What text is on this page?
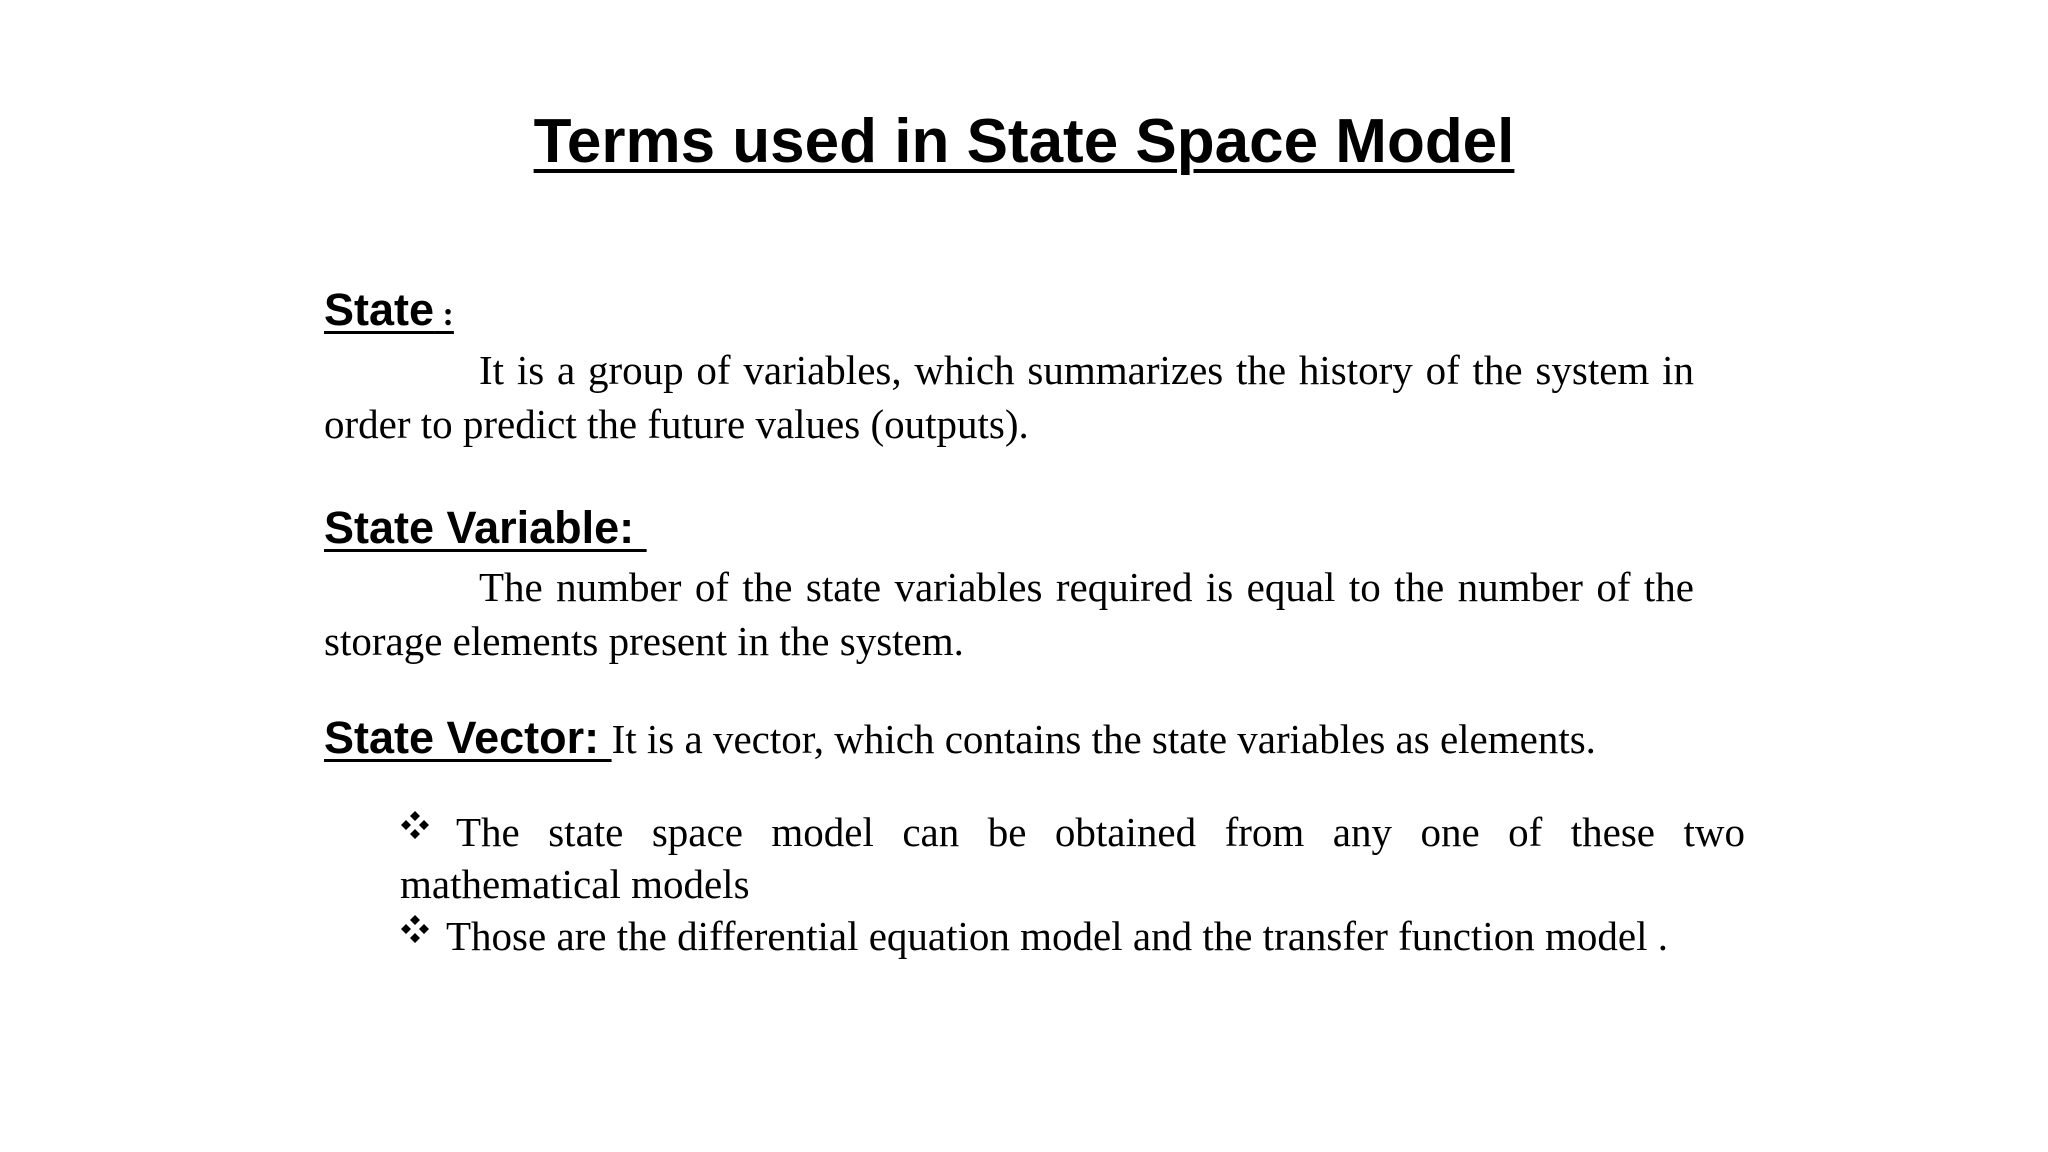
Terms used in State Space Model
State :

It is a group of variables, which summarizes the history of the system in order to predict the future values (outputs).

State Variable:

The number of the state variables required is equal to the number of the storage elements present in the system.

State Vector: It is a vector, which contains the state variables as elements.
The state space model can be obtained from any one of these two
mathematical models
Those are the differential equation model and the transfer function model .
